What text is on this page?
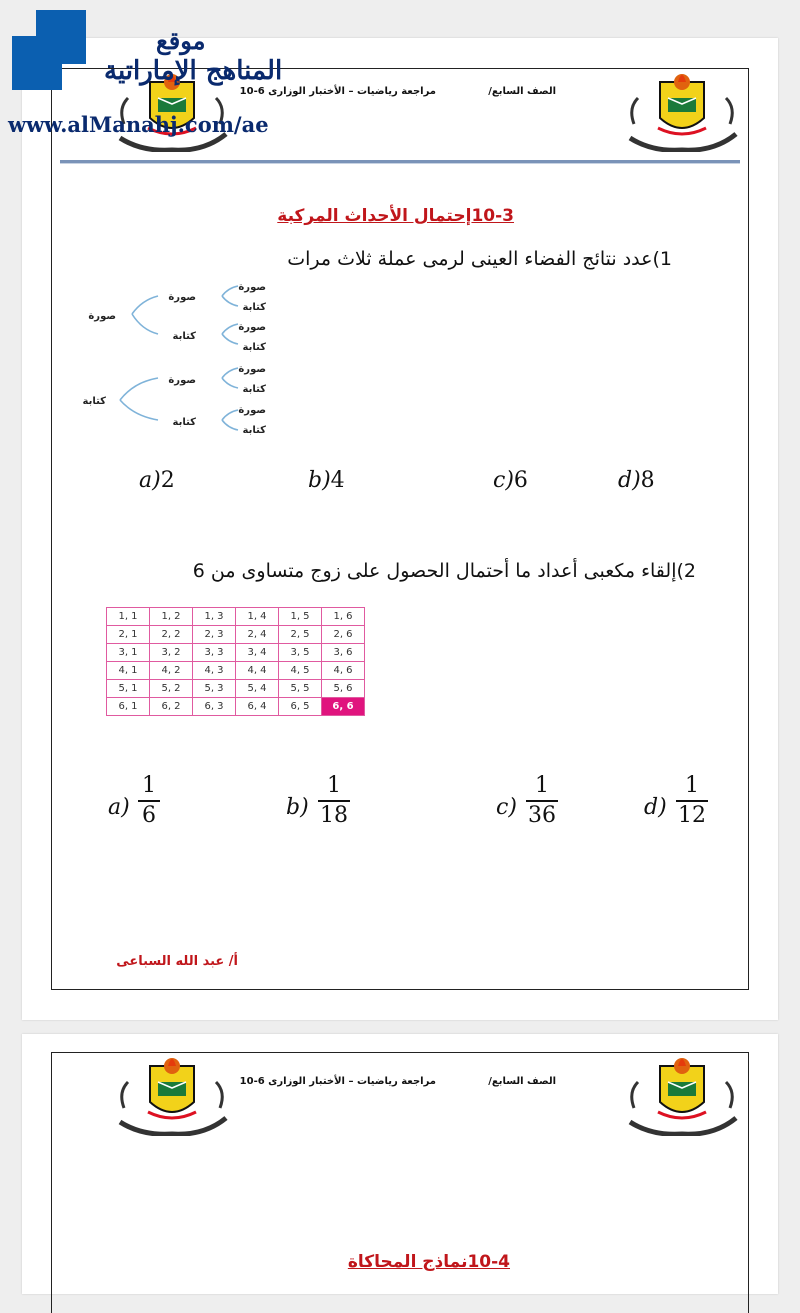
الصف السابع/
مراجعة رياضيات – الأختبار الوزارى 6-10
10-3إحتمال الأحداث المركبة
1)عدد نتائج الفضاء العينى لرمى عملة ثلاث مرات
صورة
كتابة
صورة
كتابة
صورة
كتابة
صورة
كتابة
صورة
كتابة
صورة
كتابة
صورة
كتابة
a)2	b)4	c)6	d)8
2)إلقاء مكعبى أعداد ما أحتمال الحصول على زوج متساوى من 6
1, 1	1, 2	1, 3	1, 4	1, 5	1, 6
2, 1	2, 2	2, 3	2, 4	2, 5	2, 6
3, 1	3, 2	3, 3	3, 4	3, 5	3, 6
4, 1	4, 2	4, 3	4, 4	4, 5	4, 6
5, 1	5, 2	5, 3	5, 4	5, 5	5, 6
6, 1	6, 2	6, 3	6, 4	6, 5	6, 6
a)
1
6	b)
1
18	c)
1
36	d)
1
12
أ/ عبد الله السباعى
الصف السابع/
مراجعة رياضيات – الأختبار الوزارى 6-10
10-4نماذج المحاكاة
موقع
المناهج الإماراتية
www.alManahj.com/ae
